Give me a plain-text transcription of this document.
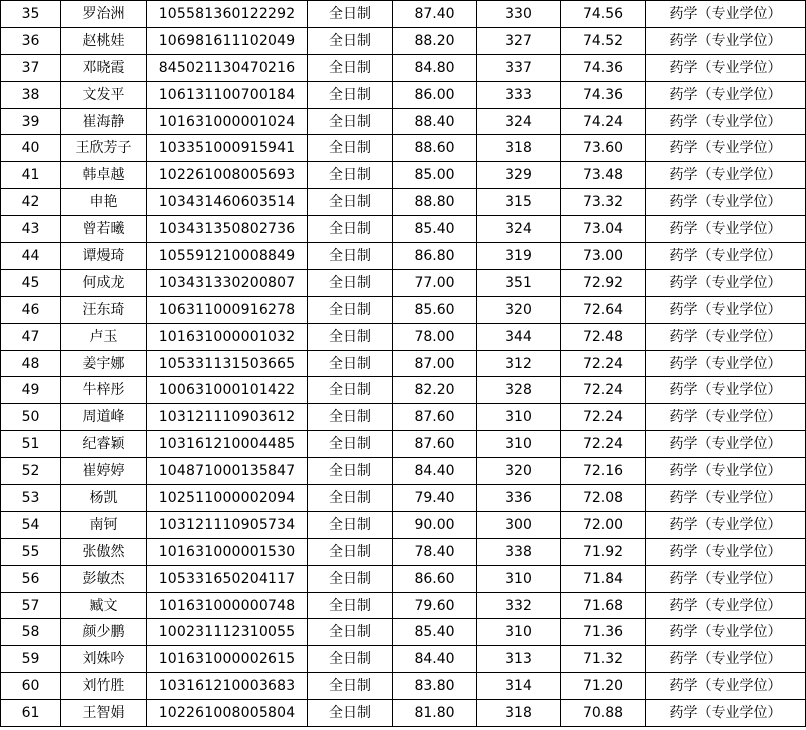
35	罗治洲	105581360122292	全日制	87.40	330	74.56	药学（专业学位）
36	赵桃娃	106981611102049	全日制	88.20	327	74.52	药学（专业学位）
37	邓晓霞	845021130470216	全日制	84.80	337	74.36	药学（专业学位）
38	文发平	106131100700184	全日制	86.00	333	74.36	药学（专业学位）
39	崔海静	101631000001024	全日制	88.40	324	74.24	药学（专业学位）
40	王欣芳子	103351000915941	全日制	88.60	318	73.60	药学（专业学位）
41	韩卓越	102261008005693	全日制	85.00	329	73.48	药学（专业学位）
42	申艳	103431460603514	全日制	88.80	315	73.32	药学（专业学位）
43	曾若曦	103431350802736	全日制	85.40	324	73.04	药学（专业学位）
44	谭熳琦	105591210008849	全日制	86.80	319	73.00	药学（专业学位）
45	何成龙	103431330200807	全日制	77.00	351	72.92	药学（专业学位）
46	汪东琦	106311000916278	全日制	85.60	320	72.64	药学（专业学位）
47	卢玉	101631000001032	全日制	78.00	344	72.48	药学（专业学位）
48	姜宇娜	105331131503665	全日制	87.00	312	72.24	药学（专业学位）
49	牛梓彤	100631000101422	全日制	82.20	328	72.24	药学（专业学位）
50	周道峰	103121110903612	全日制	87.60	310	72.24	药学（专业学位）
51	纪睿颖	103161210004485	全日制	87.60	310	72.24	药学（专业学位）
52	崔婷婷	104871000135847	全日制	84.40	320	72.16	药学（专业学位）
53	杨凯	102511000002094	全日制	79.40	336	72.08	药学（专业学位）
54	南钶	103121110905734	全日制	90.00	300	72.00	药学（专业学位）
55	张傲然	101631000001530	全日制	78.40	338	71.92	药学（专业学位）
56	彭敏杰	105331650204117	全日制	86.60	310	71.84	药学（专业学位）
57	臧文	101631000000748	全日制	79.60	332	71.68	药学（专业学位）
58	颜少鹏	100231112310055	全日制	85.40	310	71.36	药学（专业学位）
59	刘姝吟	101631000002615	全日制	84.40	313	71.32	药学（专业学位）
60	刘竹胜	103161210003683	全日制	83.80	314	71.20	药学（专业学位）
61	王智娟	102261008005804	全日制	81.80	318	70.88	药学（专业学位）
